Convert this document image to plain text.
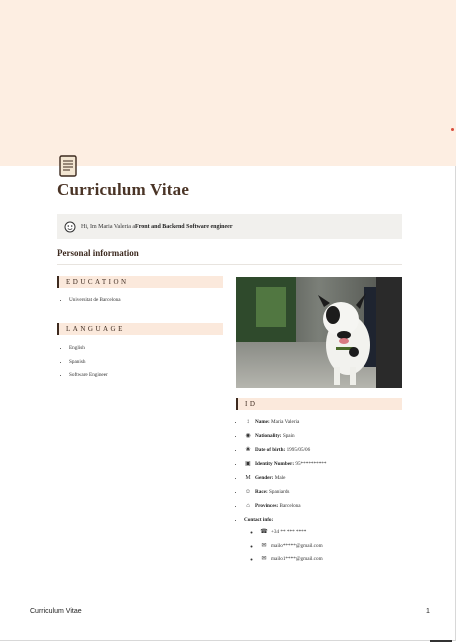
Curriculum Vitae
Hi, Im Maria Valeria a Front and Backend Software engineer
Personal information
EDUCATION
• Universitat de Barcelona
LANGUAGE
• English
• Spanish
• Software Engineer
ID
• ↕ Name: Maria Valeria
• ◉ Nationality: Spain
• ❀ Date of birth: 1995/05/06
• ▣ Identity Number: 95**********
• M Gender: Male
• ☺ Race: Spaniards
• ⌂ Provinces: Barcelona
• Contact info:
◦ ☎ +34 ** *** ****
◦ ✉ mailo*****@gmail.com
◦ ✉ mailo1****@gmail.com
Curriculum Vitae	1
